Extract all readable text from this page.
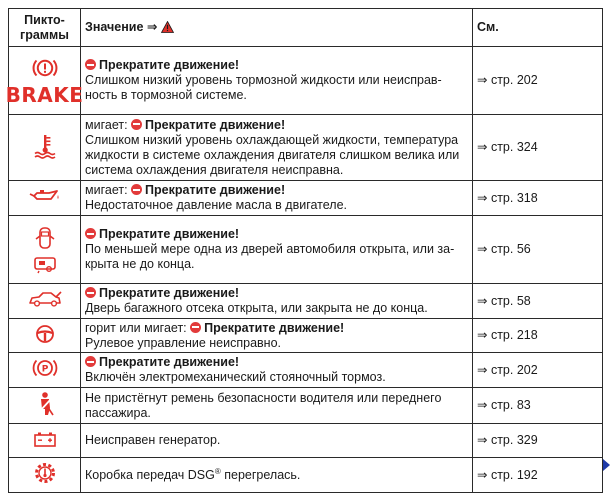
Пикто-
граммы	Значение ⇒	См.

BRAKE	Прекратите движение!
Слишком низкий уровень тормозной жидкости или неисправ-
ность в тормозной системе.	⇒ стр. 202

мигает: Прекратите движение!
Слишком низкий уровень охлаждающей жидкости, температура
жидкости в системе охлаждения двигателя слишком велика или
система охлаждения двигателя неисправна.	⇒ стр. 324

мигает: Прекратите движение!
Недостаточное давление масла в двигателе.	⇒ стр. 318

Прекратите движение!
По меньшей мере одна из дверей автомобиля открыта, или за-
крыта не до конца.	⇒ стр. 56

Прекратите движение!
Дверь багажного отсека открыта, или закрыта не до конца.	⇒ стр. 58

горит или мигает: Прекратите движение!
Рулевое управление неисправно.	⇒ стр. 218

P	Прекратите движение!
Включён электромеханический стояночный тормоз.	⇒ стр. 202

Не пристёгнут ремень безопасности водителя или переднего
пассажира.	⇒ стр. 83

Неисправен генератор.	⇒ стр. 329

Коробка передач DSG® перегрелась.	⇒ стр. 192
